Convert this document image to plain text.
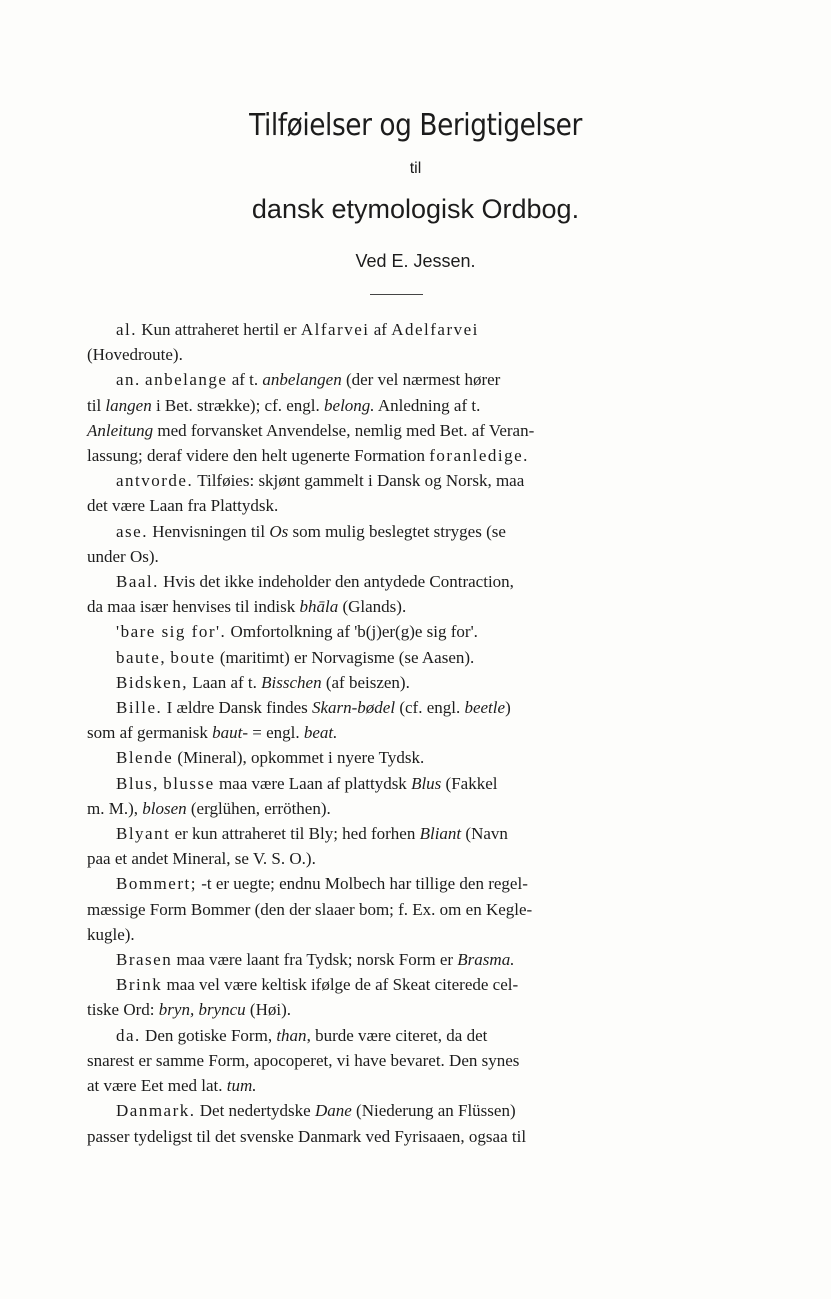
Tilføielser og Berigtigelser
til
dansk etymologisk Ordbog.
Ved E. Jessen.

al. Kun attraheret hertil er Alfarvei af Adelfarvei
(Hovedroute).

an. anbelange af t. anbelangen (der vel nærmest hører
til langen i Bet. strække); cf. engl. belong. Anledning af t.
Anleitung med forvansket Anvendelse, nemlig med Bet. af Veran-
lassung; deraf videre den helt ugenerte Formation foranledige.

antvorde. Tilføies: skjønt gammelt i Dansk og Norsk, maa
det være Laan fra Plattydsk.

ase. Henvisningen til Os som mulig beslegtet stryges (se
under Os).

Baal. Hvis det ikke indeholder den antydede Contraction,
da maa især henvises til indisk bhāla (Glands).

'bare sig for'. Omfortolkning af 'b(j)er(g)e sig for'.

baute, boute (maritimt) er Norvagisme (se Aasen).

Bidsken, Laan af t. Bisschen (af beiszen).

Bille. I ældre Dansk findes Skarn-bødel (cf. engl. beetle)
som af germanisk baut- = engl. beat.

Blende (Mineral), opkommet i nyere Tydsk.

Blus, blusse maa være Laan af plattydsk Blus (Fakkel
m. M.), blosen (erglühen, erröthen).

Blyant er kun attraheret til Bly; hed forhen Bliant (Navn
paa et andet Mineral, se V. S. O.).

Bommert; -t er uegte; endnu Molbech har tillige den regel-
mæssige Form Bommer (den der slaaer bom; f. Ex. om en Kegle-
kugle).

Brasen maa være laant fra Tydsk; norsk Form er Brasma.

Brink maa vel være keltisk ifølge de af Skeat citerede cel-
tiske Ord: bryn, bryncu (Høi).

da. Den gotiske Form, than, burde være citeret, da det
snarest er samme Form, apocoperet, vi have bevaret. Den synes
at være Eet med lat. tum.

Danmark. Det nedertydske Dane (Niederung an Flüssen)
passer tydeligst til det svenske Danmark ved Fyrisaaen, ogsaa til
